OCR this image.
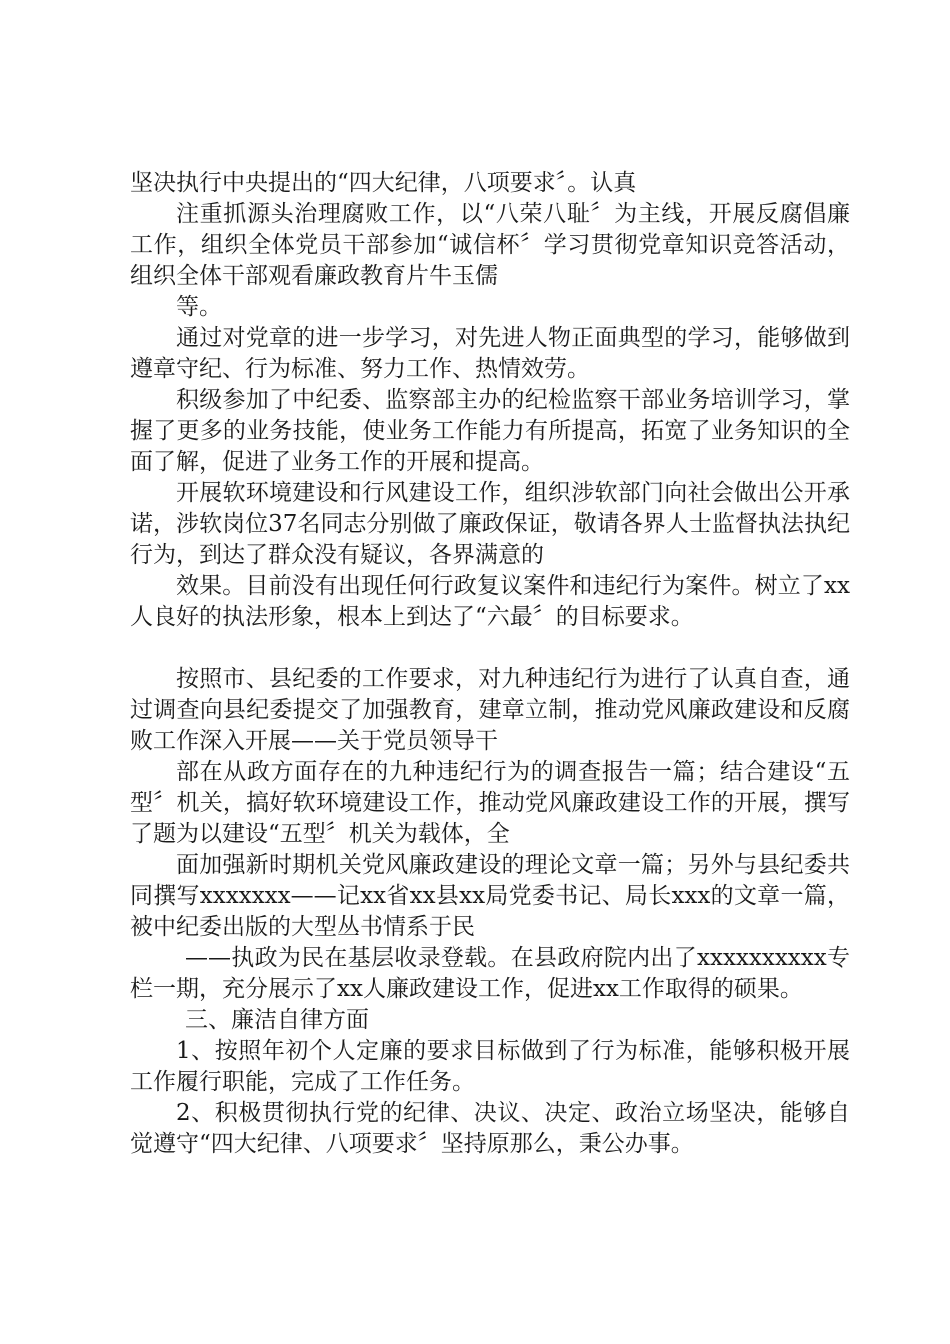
坚决执行中央提出的“四大纪律，八项要求〞。认真

注重抓源头治理腐败工作，以“八荣八耻〞为主线，开展反腐倡廉工作，组织全体党员干部参加“诚信杯〞学习贯彻党章知识竞答活动，组织全体干部观看廉政教育片牛玉儒

等。

通过对党章的进一步学习，对先进人物正面典型的学习，能够做到遵章守纪、行为标准、努力工作、热情效劳。

积级参加了中纪委、监察部主办的纪检监察干部业务培训学习，掌握了更多的业务技能，使业务工作能力有所提高，拓宽了业务知识的全面了解，促进了业务工作的开展和提高。

开展软环境建设和行风建设工作，组织涉软部门向社会做出公开承诺，涉软岗位37名同志分别做了廉政保证，敬请各界人士监督执法执纪行为，到达了群众没有疑议，各界满意的

效果。目前没有出现任何行政复议案件和违纪行为案件。树立了xx人良好的执法形象，根本上到达了“六最〞的目标要求。

按照市、县纪委的工作要求，对九种违纪行为进行了认真自查，通过调查向县纪委提交了加强教育，建章立制，推动党风廉政建设和反腐败工作深入开展——关于党员领导干

部在从政方面存在的九种违纪行为的调查报告一篇；结合建设“五型〞机关，搞好软环境建设工作，推动党风廉政建设工作的开展，撰写了题为以建设“五型〞机关为载体，全

面加强新时期机关党风廉政建设的理论文章一篇；另外与县纪委共同撰写xxxxxxx——记xx省xx县xx局党委书记、局长xxx的文章一篇，被中纪委出版的大型丛书情系于民

——执政为民在基层收录登载。在县政府院内出了xxxxxxxxxx专栏一期，充分展示了xx人廉政建设工作，促进xx工作取得的硕果。

三、廉洁自律方面

1、按照年初个人定廉的要求目标做到了行为标准，能够积极开展工作履行职能，完成了工作任务。

2、积极贯彻执行党的纪律、决议、决定、政治立场坚决，能够自觉遵守“四大纪律、八项要求〞坚持原那么，秉公办事。
